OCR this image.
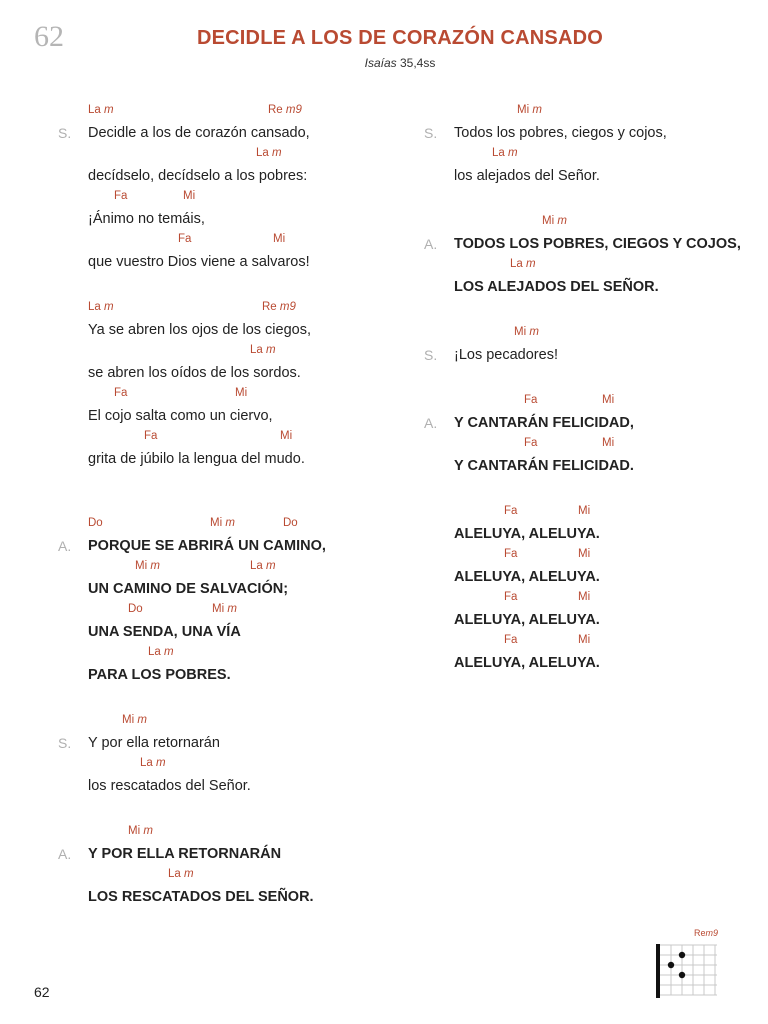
62	DECIDLE A LOS DE CORAZÓN CANSADO
Isaías 35,4ss
La m	Re m9
S.	Decidle a los de corazón cansado,
La m
decídselo, decídselo a los pobres:
Fa	Mi
¡Ánimo no temáis,
Fa	Mi
que vuestro Dios viene a salvaros!
La m	Re m9
Ya se abren los ojos de los ciegos,
La m
se abren los oídos de los sordos.
Fa	Mi
El cojo salta como un ciervo,
Fa	Mi
grita de júbilo la lengua del mudo.
Do	Mi m	Do
A.	PORQUE SE ABRIRÁ UN CAMINO,
Mi m	La m
UN CAMINO DE SALVACIÓN;
Do	Mi m
UNA SENDA, UNA VÍA
La m
PARA LOS POBRES.
Mi m
S.	Y por ella retornarán
La m
los rescatados del Señor.
Mi m
A.	Y POR ELLA RETORNARÁN
La m
LOS RESCATADOS DEL SEÑOR.
Mi m
S.	Todos los pobres, ciegos y cojos,
La m
los alejados del Señor.
Mi m
A.	TODOS LOS POBRES, CIEGOS Y COJOS,
La m
LOS ALEJADOS DEL SEÑOR.
Mi m
S.	¡Los pecadores!
Fa	Mi
A.	Y CANTARÁN FELICIDAD,
Fa	Mi
Y CANTARÁN FELICIDAD.
Fa	Mi
ALELUYA, ALELUYA.
Fa	Mi
ALELUYA, ALELUYA.
Fa	Mi
ALELUYA, ALELUYA.
Fa	Mi
ALELUYA, ALELUYA.
62
Rem9
